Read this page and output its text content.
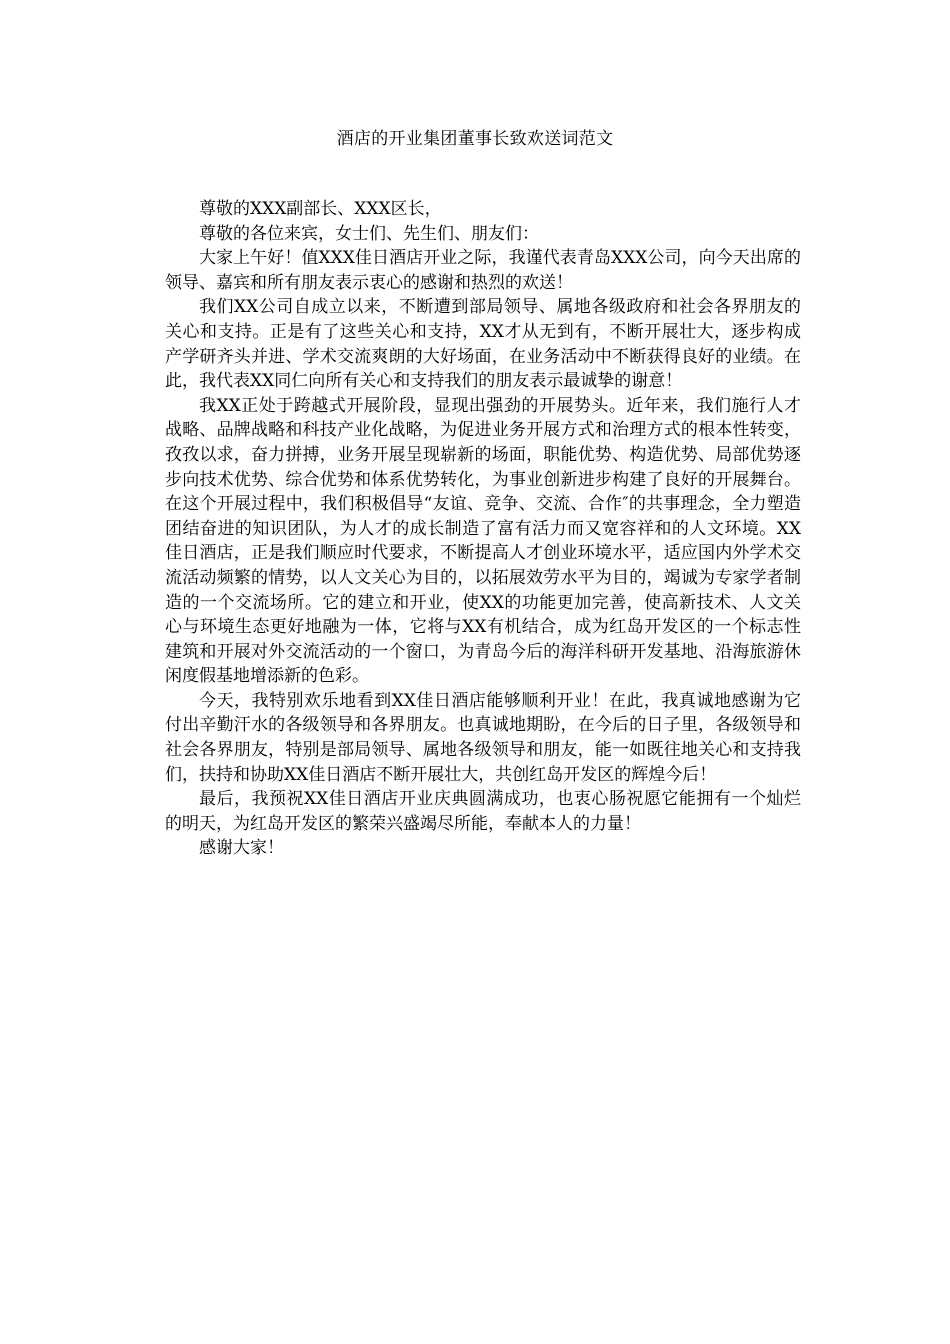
酒店的开业集团董事长致欢送词范文

尊敬的XXX副部长、XXX区长，

尊敬的各位来宾，女士们、先生们、朋友们：

大家上午好！值XXX佳日酒店开业之际，我谨代表青岛XXX公司，向今天出席的领导、嘉宾和所有朋友表示衷心的感谢和热烈的欢送！

我们XX公司自成立以来，不断遭到部局领导、属地各级政府和社会各界朋友的关心和支持。正是有了这些关心和支持，XX才从无到有，不断开展壮大，逐步构成产学研齐头并进、学术交流爽朗的大好场面，在业务活动中不断获得良好的业绩。在此，我代表XX同仁向所有关心和支持我们的朋友表示最诚挚的谢意！

我XX正处于跨越式开展阶段，显现出强劲的开展势头。近年来，我们施行人才战略、品牌战略和科技产业化战略，为促进业务开展方式和治理方式的根本性转变，孜孜以求，奋力拼搏，业务开展呈现崭新的场面，职能优势、构造优势、局部优势逐步向技术优势、综合优势和体系优势转化，为事业创新进步构建了良好的开展舞台。在这个开展过程中，我们积极倡导“友谊、竞争、交流、合作″的共事理念，全力塑造团结奋进的知识团队，为人才的成长制造了富有活力而又宽容祥和的人文环境。XX佳日酒店，正是我们顺应时代要求，不断提高人才创业环境水平，适应国内外学术交流活动频繁的情势，以人文关心为目的，以拓展效劳水平为目的，竭诚为专家学者制造的一个交流场所。它的建立和开业，使XX的功能更加完善，使高新技术、人文关心与环境生态更好地融为一体，它将与XX有机结合，成为红岛开发区的一个标志性建筑和开展对外交流活动的一个窗口，为青岛今后的海洋科研开发基地、沿海旅游休闲度假基地增添新的色彩。

今天，我特别欢乐地看到XX佳日酒店能够顺利开业！在此，我真诚地感谢为它付出辛勤汗水的各级领导和各界朋友。也真诚地期盼，在今后的日子里，各级领导和社会各界朋友，特别是部局领导、属地各级领导和朋友，能一如既往地关心和支持我们，扶持和协助XX佳日酒店不断开展壮大，共创红岛开发区的辉煌今后！

最后，我预祝XX佳日酒店开业庆典圆满成功，也衷心肠祝愿它能拥有一个灿烂的明天，为红岛开发区的繁荣兴盛竭尽所能，奉献本人的力量！

感谢大家！
